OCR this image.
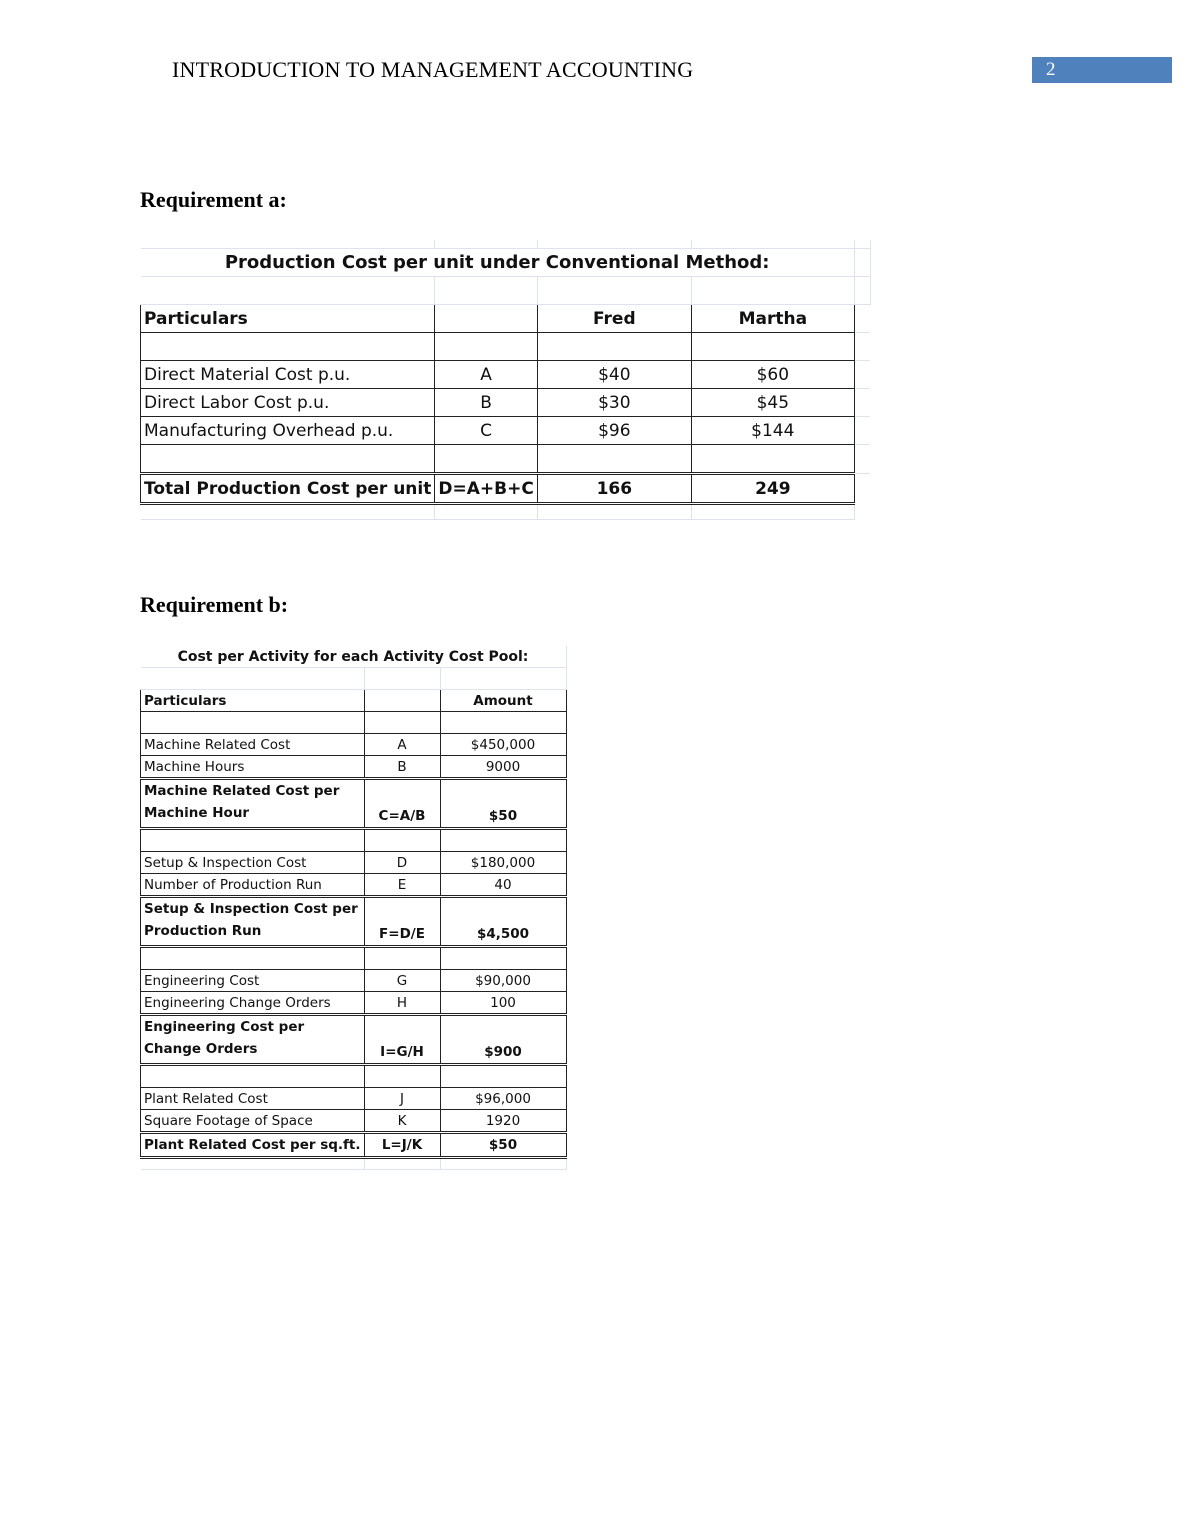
INTRODUCTION TO MANAGEMENT ACCOUNTING	2
Requirement a:

Production Cost per unit under Conventional Method:				

Particulars		Fred	Martha	

Direct Material Cost p.u.	A	$40	$60	
Direct Labor Cost p.u.	B	$30	$45	
Manufacturing Overhead p.u.	C	$96	$144	

Total Production Cost per unit	D=A+B+C	166	249	

Requirement b:
Cost per Activity for each Activity Cost Pool:		

Particulars		Amount

Machine Related Cost	A	$450,000
Machine Hours	B	9000
Machine Related Cost per Machine Hour	C=A/B	$50

Setup & Inspection Cost	D	$180,000
Number of Production Run	E	40
Setup & Inspection Cost per Production Run	F=D/E	$4,500

Engineering Cost	G	$90,000
Engineering Change Orders	H	100
Engineering Cost per Change Orders	I=G/H	$900

Plant Related Cost	J	$96,000
Square Footage of Space	K	1920
Plant Related Cost per sq.ft.	L=J/K	$50
